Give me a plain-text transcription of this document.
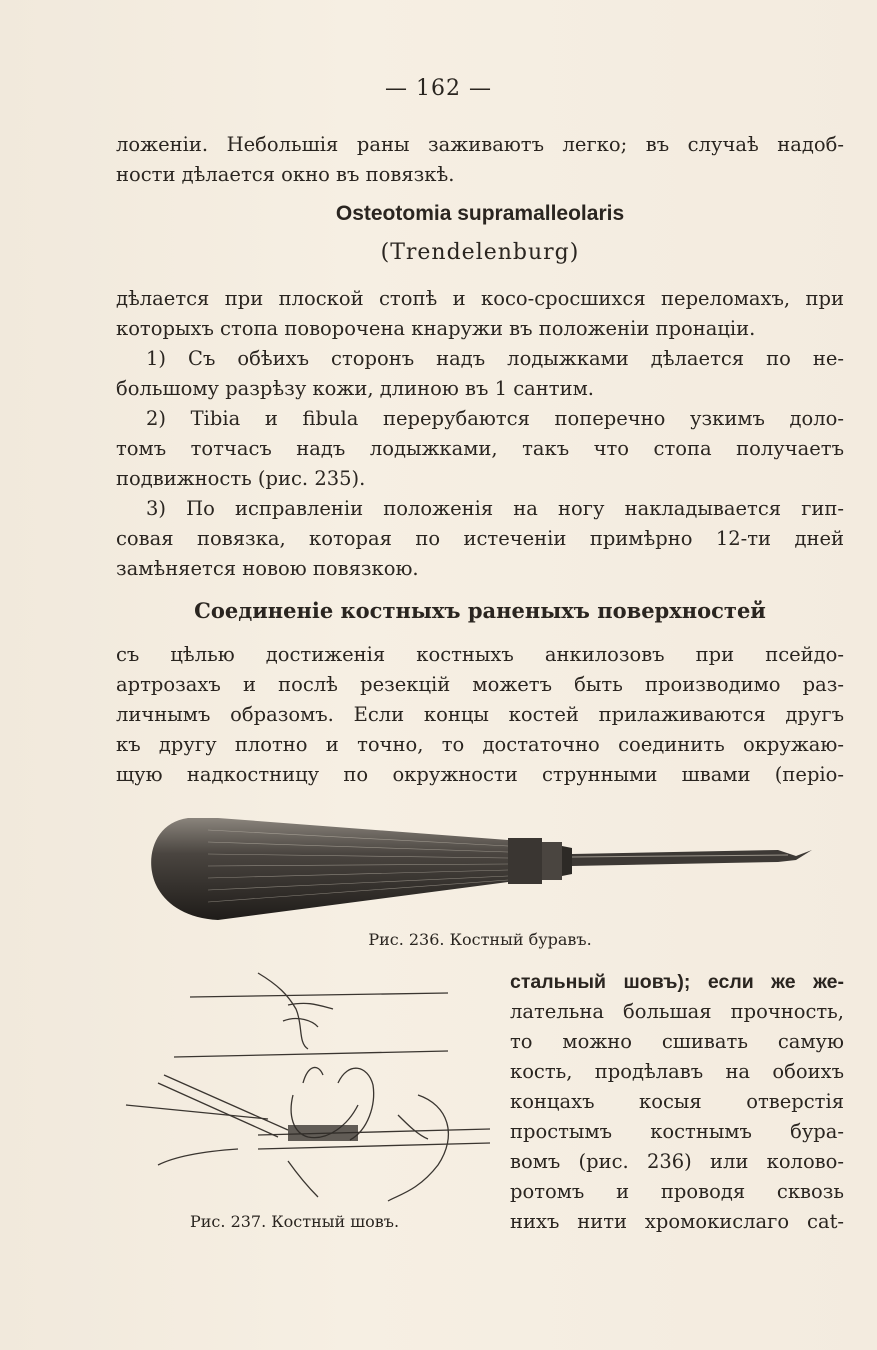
— 162 —
ложеніи. Небольшія раны заживаютъ легко; въ случаѣ надоб-
ности дѣлается окно въ повязкѣ.
Osteotomia supramalleolaris
(Trendelenburg)
дѣлается при плоской стопѣ и косо-сросшихся переломахъ, при
которыхъ стопа поворочена кнаружи въ положеніи пронаціи.
1) Съ обѣихъ сторонъ надъ лодыжками дѣлается по не-
большому разрѣзу кожи, длиною въ 1 сантим.
2) Tibia и fibula перерубаются поперечно узкимъ доло-
томъ тотчасъ надъ лодыжками, такъ что стопа получаетъ
подвижность (рис. 235).
3) По исправленіи положенія на ногу накладывается гип-
совая повязка, которая по истеченіи примѣрно 12-ти дней
замѣняется новою повязкою.
Соединеніе костныхъ раненыхъ поверхностей
съ цѣлью достиженія костныхъ анкилозовъ при псейдо-
артрозахъ и послѣ резекцій можетъ быть производимо раз-
личнымъ образомъ. Если концы костей прилаживаются другъ
къ другу плотно и точно, то достаточно соединить окружаю-
щую надкостницу по окружности струнными швами (періо-
Рис. 236. Костный буравъ.
Рис. 237. Костный шовъ.
стальный шовъ); если же же-
лательна большая прочность,
то можно сшивать самую
кость, продѣлавъ на обоихъ
концахъ косыя отверстія
простымъ костнымъ бура-
вомъ (рис. 236) или коловo-
ротомъ и проводя сквозь
нихъ нити хромокислаго cat-
